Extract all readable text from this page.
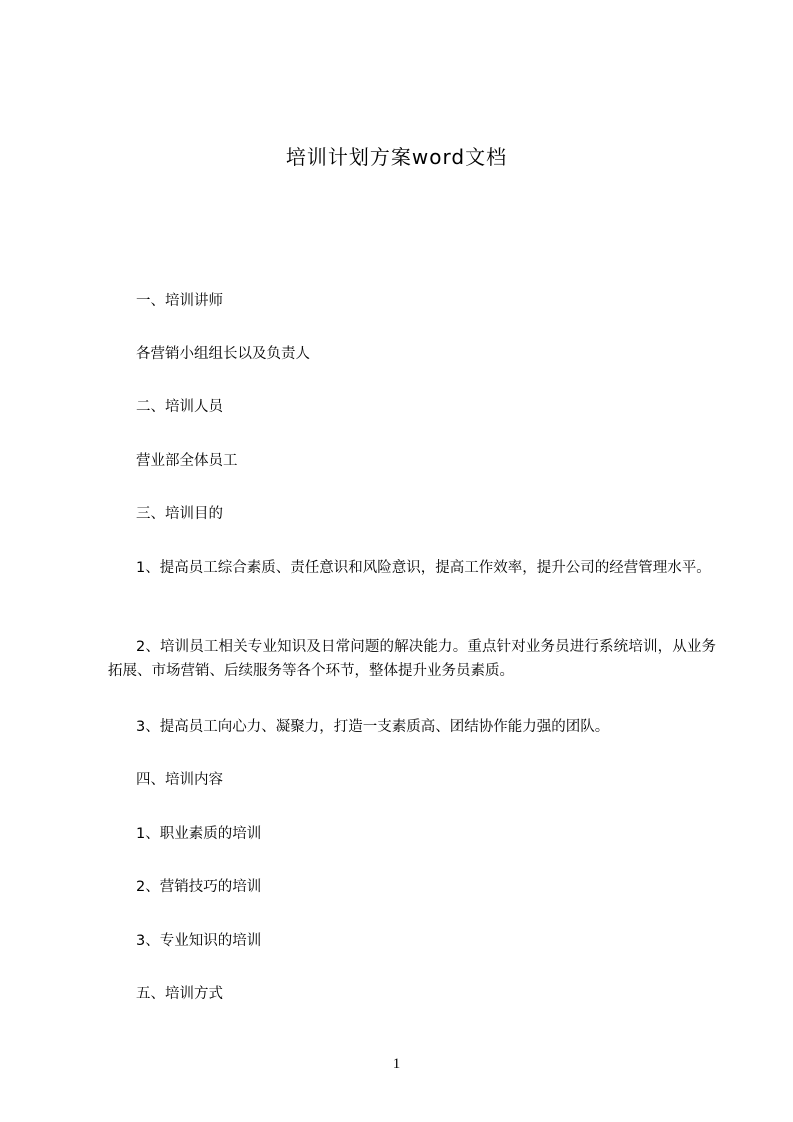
培训计划方案word文档
一、培训讲师
各营销小组组长以及负责人
二、培训人员
营业部全体员工
三、培训目的
1、提高员工综合素质、责任意识和风险意识，提高工作效率，提升公司的经营管理水平。
2、培训员工相关专业知识及日常问题的解决能力。重点针对业务员进行系统培训，从业务拓展、市场营销、后续服务等各个环节，整体提升业务员素质。
3、提高员工向心力、凝聚力，打造一支素质高、团结协作能力强的团队。
四、培训内容
1、职业素质的培训
2、营销技巧的培训
3、专业知识的培训
五、培训方式
1
